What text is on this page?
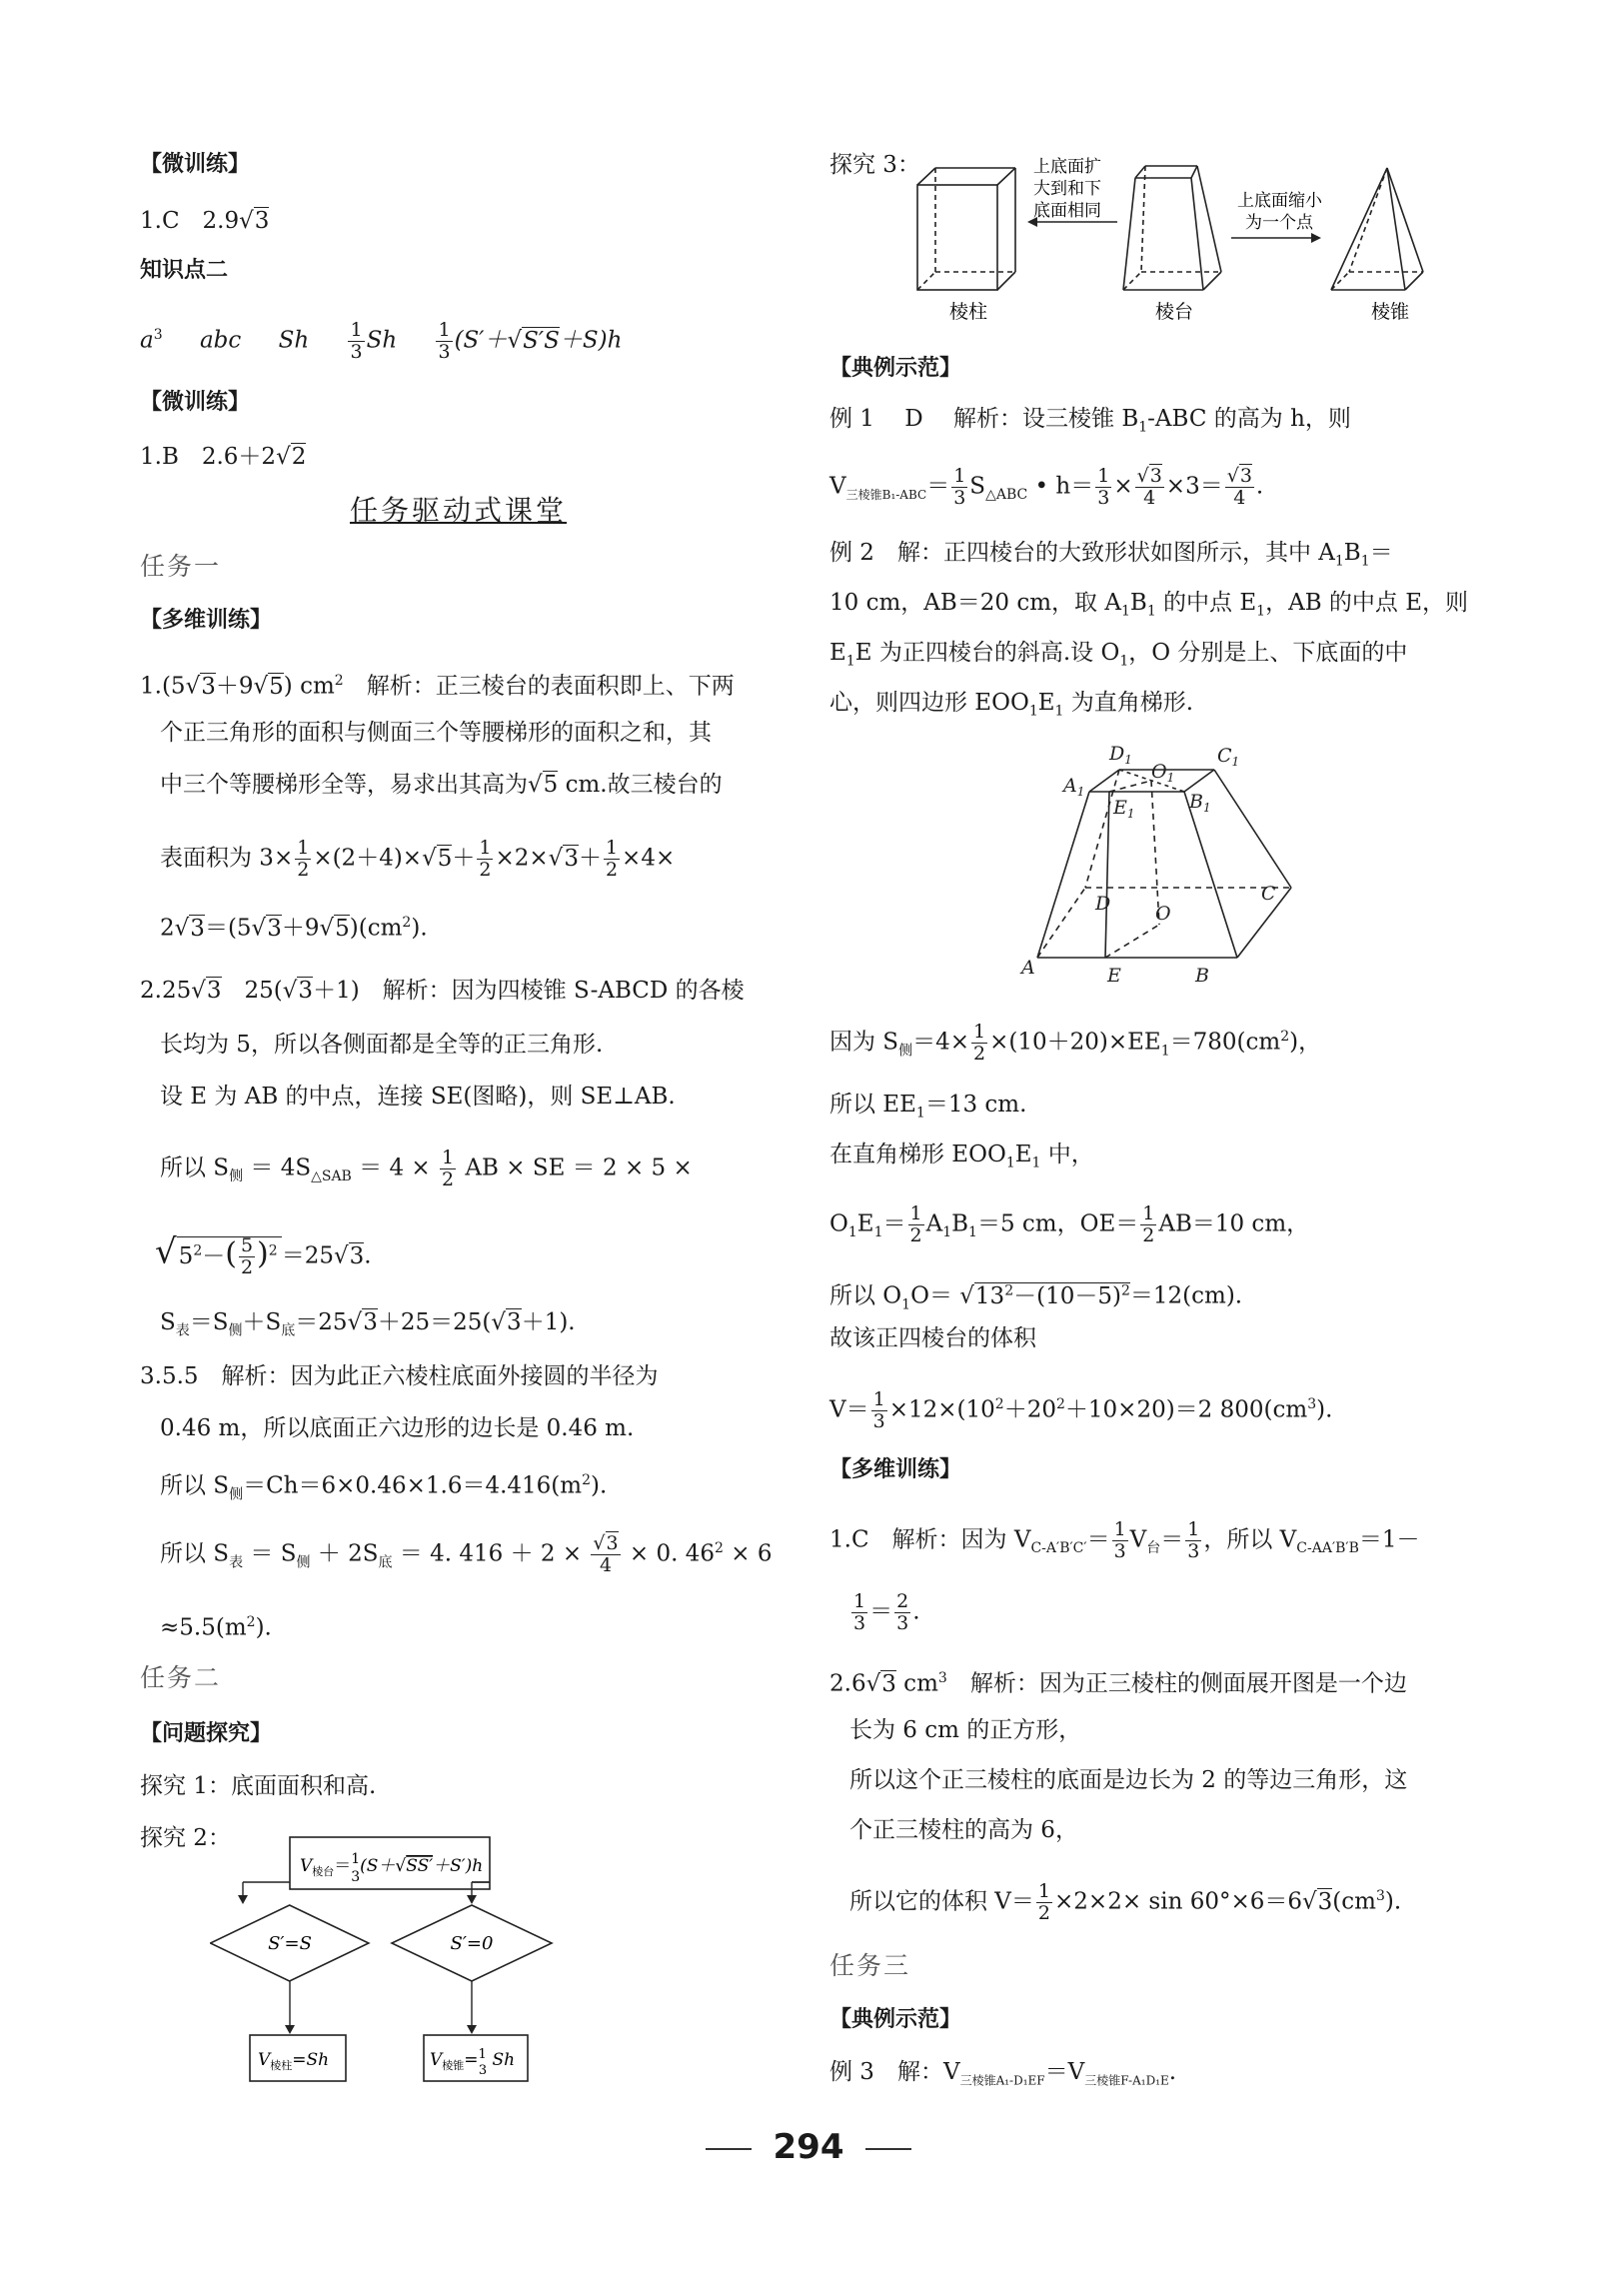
【微训练】
1.C　2.9√3
知识点二
$a^3$ abc Sh $\frac{1}{3}$ Sh $\frac{1}{3} (S'+√S'S+S)h$
【微训练】
1.B　2.6＋2√2
任务驱动式课堂
任务一
【多维训练】
1.(5√3＋9√5) $cm^2$　解析：正三棱台的表面积即上、下两
个正三角形的面积与侧面三个等腰梯形的面积之和，其
中三个等腰梯形全等，易求出其高为√5 cm.故三棱台的
表面积为 $3\times \frac{1}{2} \times(2+4)\times√5+ \frac{1}{2} \times 2\times√3+ \frac{1}{2} \times 4\times$
$2√3=(5√3+9√5)(cm^2)$.
2.25√3　25(√3＋1)　解析：因为四棱锥 S-ABCD 的各棱
长均为 5，所以各侧面都是全等的正三角形.
设 E 为 AB 的中点，连接 SE(图略)，则 SE⊥AB.
所以 $S_侧 = 4S_{\triangle SAB} = 4 \times \frac{1}{2}$ AB × SE ＝ 2 × 5 ×
$√5^2-( \frac{5}{2} )^2 =25√3$.
$S_表=S_侧+S_底=25√3+25=25(√3+1)$.
3.5.5　解析：因为此正六棱柱底面外接圆的半径为
0.46 m，所以底面正六边形的边长是 0.46 m.
所以 $S_侧=Ch=6\times 0.46\times 1.6=4.416(m^2)$.
所以 $S_表 = S_侧 + 2S_底 = 4$. $416 + 2 \times \frac{√3}{4} \times 0$. $46^2 \times 6$
$\approx 5.5(m^2)$.
任务二
【问题探究】
探究 1：底面面积和高.
探究 2：
$V_{棱台}=^1$ 3(S＋√SS′＋S′)h
S′=S	S′=0
$V_{棱柱}=Sh$	$V_{棱锥}=^1$ 3 Sh
探究 3：
棱柱
上底面扩
大到和下
底面相同
棱台
上底面缩小
为一个点
棱锥
【典例示范】
例 1　 D　 解析：设三棱锥 $B_1$-ABC 的高为 h，则
$V_{三棱锥B_1-ABC}= \frac{1}{3} S_{\triangle ABC}$ • $h= \frac{1}{3} \times \frac{√3}{4} \times 3= \frac{√3}{4}$ .
例 2　解：正四棱台的大致形状如图所示，其中 $A_1B_1=$
10 cm，AB＝20 cm，取 $A_1B_1$ 的中点 $E_1$，AB 的中点 E，则
$E_1E$ 为正四棱台的斜高.设 $O_1$，O 分别是上、下底面的中
心，则四边形 $EOO_1E_1$ 为直角梯形.
$D_1$	$C_1$
$A_1$
$O_1$
$E_1$
$B_1$
D O
C
A	E	B
因为 $S_侧=4\times \frac{1}{2} \times(10+20)\times EE_1=780(cm^2)$，
所以 $EE_1=13$ cm.
在直角梯形 $EOO_1E_1$ 中，
$O_1E_1= \frac{1}{2} A_1B_1=5$ cm，$OE= \frac{1}{2} AB=10$ cm，
所以 $O_1O= √13^2-(10-5)^2=12(cm)$.
故该正四棱台的体积
$V= \frac{1}{3} \times 12\times(10^2+20^2+10\times 20)=2$ $800(cm^3)$.
【多维训练】
1.C　解析：因为 $V_{C-A'B'C'}= \frac{1}{3} V_台= \frac{1}{3}$ ，所以 $V_{C-AA'B'B}=1-$
$\frac{1}{3} = \frac{2}{3}$ .
2.6√3 $cm^3$　解析：因为正三棱柱的侧面展开图是一个边
长为 6 cm 的正方形，
所以这个正三棱柱的底面是边长为 2 的等边三角形，这
个正三棱柱的高为 6，
所以它的体积 $V= \frac{1}{2} \times 2\times 2\times \sin 60^\circ\times 6=6√3(cm^3)$.
任务三
【典例示范】
例 3　解：$V_{三棱锥A_1-D_1EF}=V_{三棱锥F-A_1D_1E}$.
294
